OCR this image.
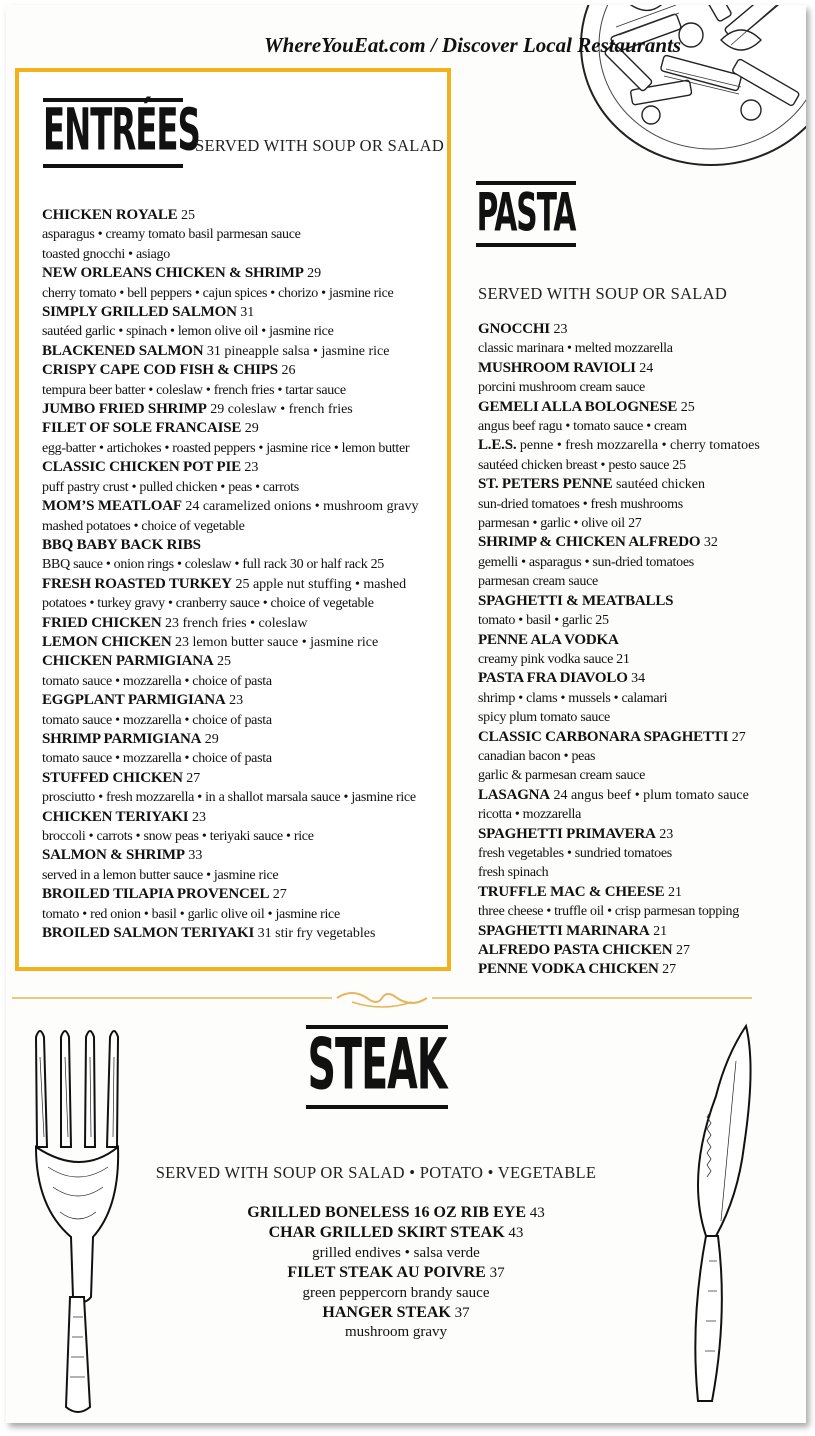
WhereYouEat.com / Discover Local Restaurants
ENTRÉES
SERVED WITH SOUP OR SALAD
CHICKEN ROYALE 25
asparagus • creamy tomato basil parmesan sauce
toasted gnocchi • asiago
NEW ORLEANS CHICKEN & SHRIMP 29
cherry tomato • bell peppers • cajun spices • chorizo • jasmine rice
SIMPLY GRILLED SALMON 31
sautéed garlic • spinach • lemon olive oil • jasmine rice
BLACKENED SALMON 31 pineapple salsa • jasmine rice
CRISPY CAPE COD FISH & CHIPS 26
tempura beer batter • coleslaw • french fries • tartar sauce
JUMBO FRIED SHRIMP 29 coleslaw • french fries
FILET OF SOLE FRANCAISE 29
egg-batter • artichokes • roasted peppers • jasmine rice • lemon butter
CLASSIC CHICKEN POT PIE 23
puff pastry crust • pulled chicken • peas • carrots
MOM’S MEATLOAF 24 caramelized onions • mushroom gravy
mashed potatoes • choice of vegetable
BBQ BABY BACK RIBS
BBQ sauce • onion rings • coleslaw • full rack 30 or half rack 25
FRESH ROASTED TURKEY 25 apple nut stuffing • mashed
potatoes • turkey gravy • cranberry sauce • choice of vegetable
FRIED CHICKEN 23 french fries • coleslaw
LEMON CHICKEN 23 lemon butter sauce • jasmine rice
CHICKEN PARMIGIANA 25
tomato sauce • mozzarella • choice of pasta
EGGPLANT PARMIGIANA 23
tomato sauce • mozzarella • choice of pasta
SHRIMP PARMIGIANA 29
tomato sauce • mozzarella • choice of pasta
STUFFED CHICKEN 27
prosciutto • fresh mozzarella • in a shallot marsala sauce • jasmine rice
CHICKEN TERIYAKI 23
broccoli • carrots • snow peas • teriyaki sauce • rice
SALMON & SHRIMP 33
served in a lemon butter sauce • jasmine rice
BROILED TILAPIA PROVENCEL 27
tomato • red onion • basil • garlic olive oil • jasmine rice
BROILED SALMON TERIYAKI 31 stir fry vegetables
PASTA
SERVED WITH SOUP OR SALAD
GNOCCHI 23
classic marinara • melted mozzarella
MUSHROOM RAVIOLI 24
porcini mushroom cream sauce
GEMELI ALLA BOLOGNESE 25
angus beef ragu • tomato sauce • cream
L.E.S. penne • fresh mozzarella • cherry tomatoes
sautéed chicken breast • pesto sauce 25
ST. PETERS PENNE sautéed chicken
sun-dried tomatoes • fresh mushrooms
parmesan • garlic • olive oil 27
SHRIMP & CHICKEN ALFREDO 32
gemelli • asparagus • sun-dried tomatoes
parmesan cream sauce
SPAGHETTI & MEATBALLS
tomato • basil • garlic 25
PENNE ALA VODKA
creamy pink vodka sauce 21
PASTA FRA DIAVOLO 34
shrimp • clams • mussels • calamari
spicy plum tomato sauce
CLASSIC CARBONARA SPAGHETTI 27
canadian bacon • peas
garlic & parmesan cream sauce
LASAGNA 24 angus beef • plum tomato sauce
ricotta • mozzarella
SPAGHETTI PRIMAVERA 23
fresh vegetables • sundried tomatoes
fresh spinach
TRUFFLE MAC & CHEESE 21
three cheese • truffle oil • crisp parmesan topping
SPAGHETTI MARINARA 21
ALFREDO PASTA CHICKEN 27
PENNE VODKA CHICKEN 27
STEAK
SERVED WITH SOUP OR SALAD • POTATO • VEGETABLE
GRILLED BONELESS 16 OZ RIB EYE 43
CHAR GRILLED SKIRT STEAK 43
grilled endives • salsa verde
FILET STEAK AU POIVRE 37
green peppercorn brandy sauce
HANGER STEAK 37
mushroom gravy
